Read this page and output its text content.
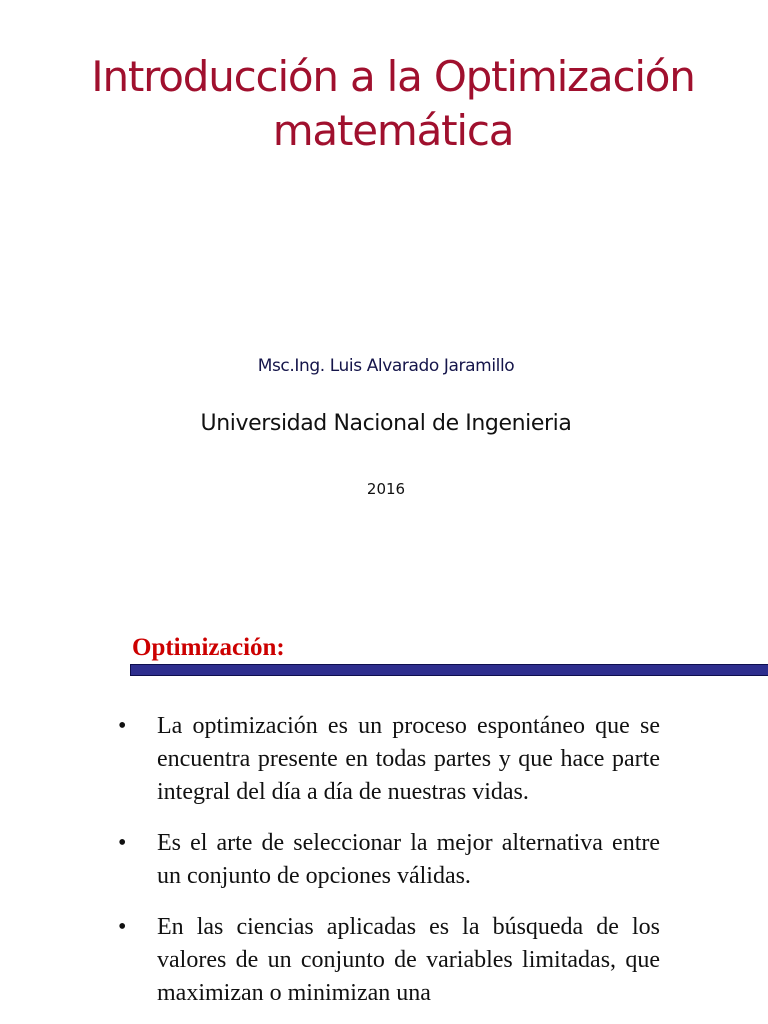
Introducción a la Optimización
matemática
Msc.Ing. Luis Alvarado Jaramillo
Universidad Nacional de Ingenieria
2016
Optimización:
• La optimización es un proceso espontáneo que se encuentra presente en todas partes y que hace parte integral del día a día de nuestras vidas.
• Es el arte de seleccionar la mejor alternativa entre un conjunto de opciones válidas.
• En las ciencias aplicadas es la búsqueda de los valores de un conjunto de variables limitadas, que maximizan o minimizan una
